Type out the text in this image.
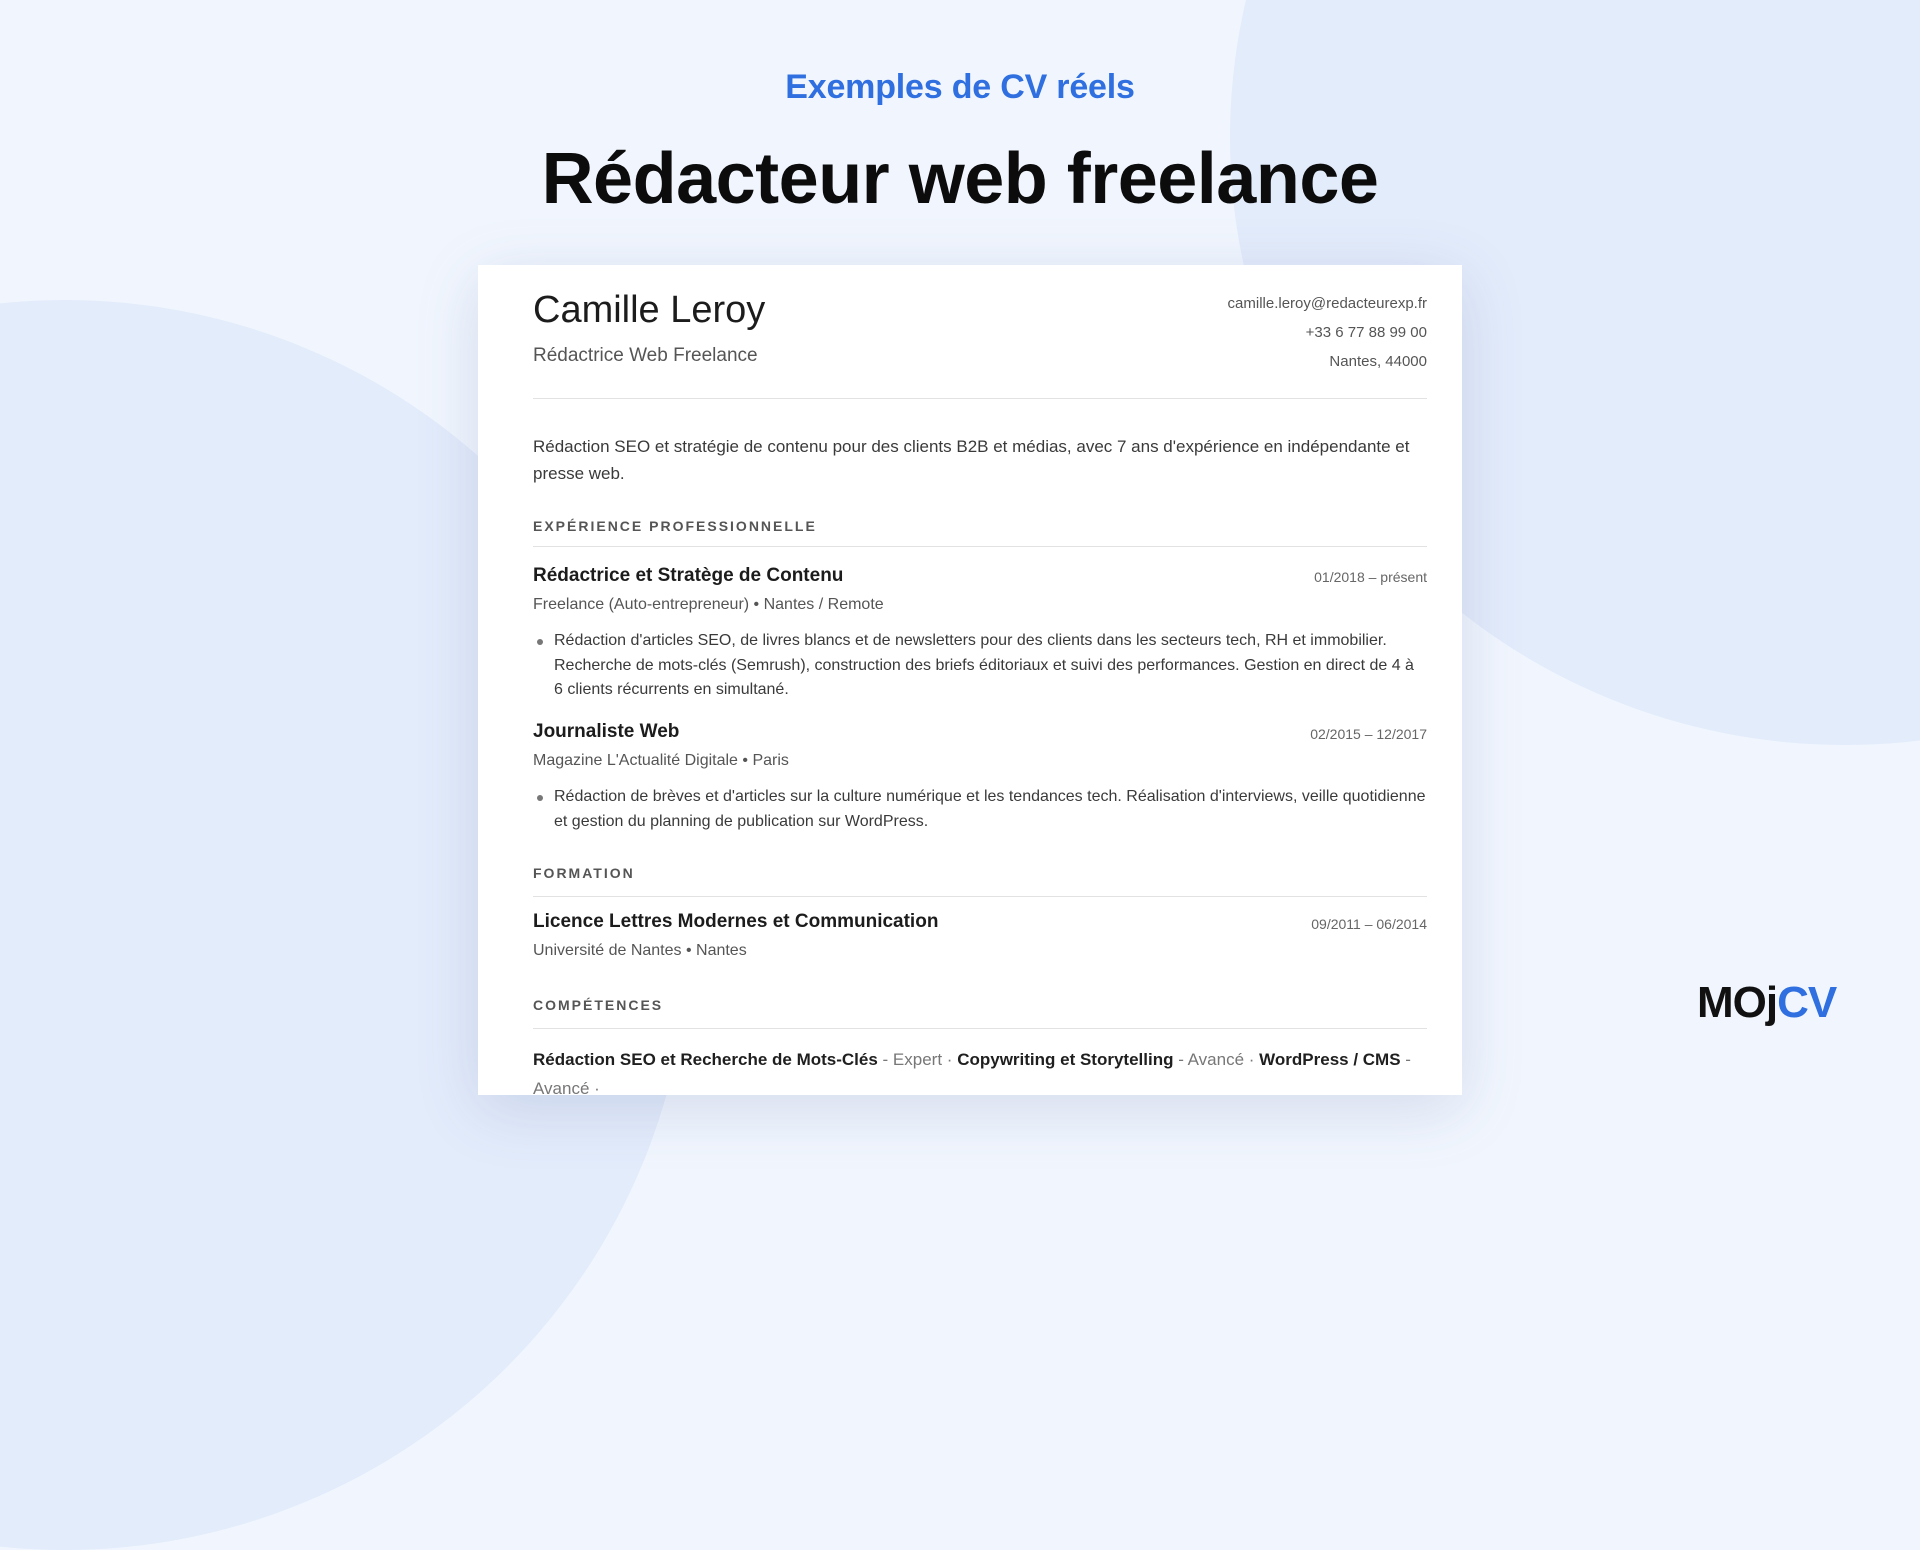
Exemples de CV réels
Rédacteur web freelance
Camille Leroy
Rédactrice Web Freelance
camille.leroy@redacteurexp.fr
+33 6 77 88 99 00
Nantes, 44000
Rédaction SEO et stratégie de contenu pour des clients B2B et médias, avec 7 ans d'expérience en indépendante et presse web.
EXPÉRIENCE PROFESSIONNELLE
Rédactrice et Stratège de Contenu	01/2018 – présent
Freelance (Auto-entrepreneur) • Nantes / Remote
Rédaction d'articles SEO, de livres blancs et de newsletters pour des clients dans les secteurs tech, RH et immobilier. Recherche de mots-clés (Semrush), construction des briefs éditoriaux et suivi des performances. Gestion en direct de 4 à 6 clients récurrents en simultané.
Journaliste Web	02/2015 – 12/2017
Magazine L'Actualité Digitale • Paris
Rédaction de brèves et d'articles sur la culture numérique et les tendances tech. Réalisation d'interviews, veille quotidienne et gestion du planning de publication sur WordPress.
FORMATION
Licence Lettres Modernes et Communication	09/2011 – 06/2014
Université de Nantes • Nantes
COMPÉTENCES
Rédaction SEO et Recherche de Mots-Clés - Expert · Copywriting et Storytelling - Avancé · WordPress / CMS - Avancé ·
MOjCV
